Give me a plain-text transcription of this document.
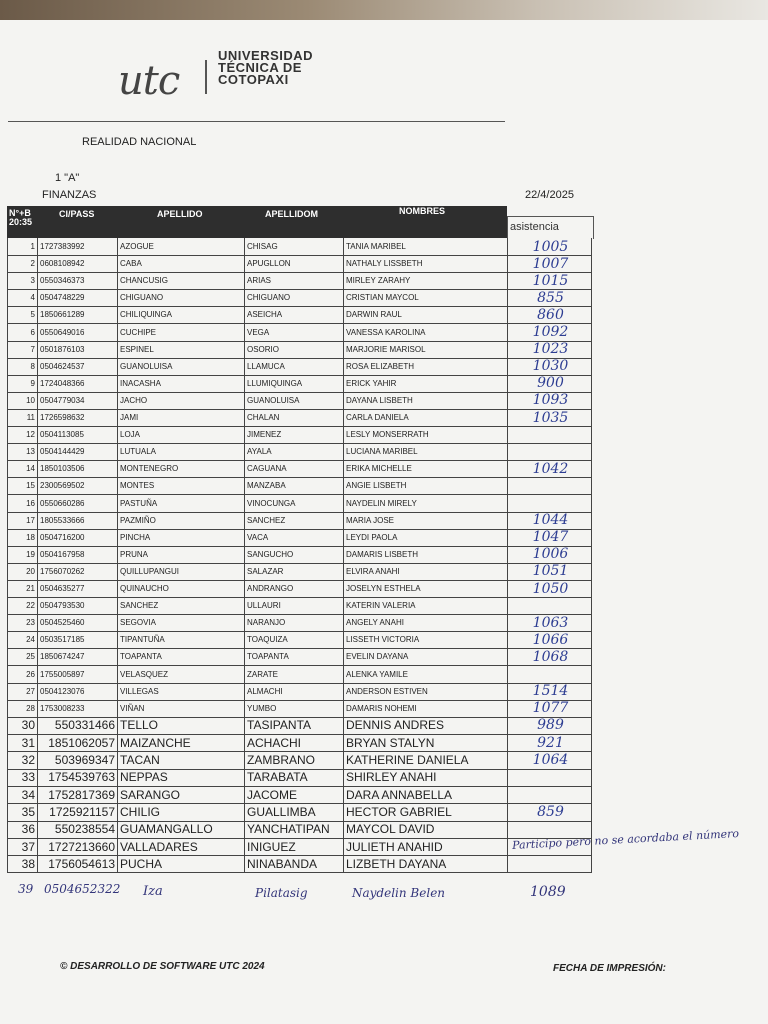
utc
UNIVERSIDAD
TÉCNICA DE
COTOPAXI
REALIDAD NACIONAL
1 "A"
FINANZAS	22/4/2025
N°+B 20:35
CI/PASS	APELLIDO	APELLIDOM	NOMBRES
asistencia
1 1727383992	AZOGUE	CHISAG	TANIA MARIBEL	1005
2 0608108942	CABA	APUGLLON	NATHALY LISSBETH	1007
3 0550346373	CHANCUSIG	ARIAS	MIRLEY ZARAHY	1015
4 0504748229	CHIGUANO	CHIGUANO	CRISTIAN MAYCOL	855
5 1850661289	CHILIQUINGA	ASEICHA	DARWIN RAUL	860
6 0550649016	CUCHIPE	VEGA	VANESSA KAROLINA	1092
7 0501876103	ESPINEL	OSORIO	MARJORIE MARISOL	1023
8 0504624537	GUANOLUISA	LLAMUCA	ROSA ELIZABETH	1030
9 1724048366	INACASHA	LLUMIQUINGA	ERICK YAHIR	900
10 0504779034	JACHO	GUANOLUISA	DAYANA LISBETH	1093
11 1726598632	JAMI	CHALAN	CARLA DANIELA	1035
12 0504113085	LOJA	JIMENEZ	LESLY MONSERRATH
13 0504144429	LUTUALA	AYALA	LUCIANA MARIBEL
14 1850103506	MONTENEGRO	CAGUANA	ERIKA MICHELLE	1042
15 2300569502	MONTES	MANZABA	ANGIE LISBETH
16 0550660286	PASTUÑA	VINOCUNGA	NAYDELIN MIRELY
17 1805533666	PAZMIÑO	SANCHEZ	MARIA JOSE	1044
18 0504716200	PINCHA	VACA	LEYDI PAOLA	1047
19 0504167958	PRUNA	SANGUCHO	DAMARIS LISBETH	1006
20 1756070262	QUILLUPANGUI	SALAZAR	ELVIRA ANAHI	1051
21 0504635277	QUINAUCHO	ANDRANGO	JOSELYN ESTHELA	1050
22 0504793530	SANCHEZ	ULLAURI	KATERIN VALERIA
23 0504525460	SEGOVIA	NARANJO	ANGELY ANAHI	1063
24 0503517185	TIPANTUÑA	TOAQUIZA	LISSETH VICTORIA	1066
25 1850674247	TOAPANTA	TOAPANTA	EVELIN DAYANA	1068
26 1755005897	VELASQUEZ	ZARATE	ALENKA YAMILE
27 0504123076	VILLEGAS	ALMACHI	ANDERSON ESTIVEN	1514
28 1753008233	VIÑAN	YUMBO	DAMARIS NOHEMI	1077
30	550331466 TELLO	TASIPANTA	DENNIS ANDRES	989
31	1851062057 MAIZANCHE	ACHACHI	BRYAN STALYN	921
32	503969347 TACAN	ZAMBRANO	KATHERINE DANIELA	1064
33	1754539763 NEPPAS	TARABATA	SHIRLEY ANAHI
34	1752817369 SARANGO	JACOME	DARA ANNABELLA
35	1725921157 CHILIG	GUALLIMBA	HECTOR GABRIEL	859
36	550238554 GUAMANGALLO	YANCHATIPAN	MAYCOL DAVID
37	1727213660 VALLADARES	INIGUEZ	JULIETH ANAHID
38	1756054613 PUCHA	NINABANDA	LIZBETH DAYANA
39 0504652322 Iza	Pilatasig	Naydelin Belen	1089
Participo pero no se acordaba el número
© DESARROLLO DE SOFTWARE UTC 2024	FECHA DE IMPRESIÓN:
